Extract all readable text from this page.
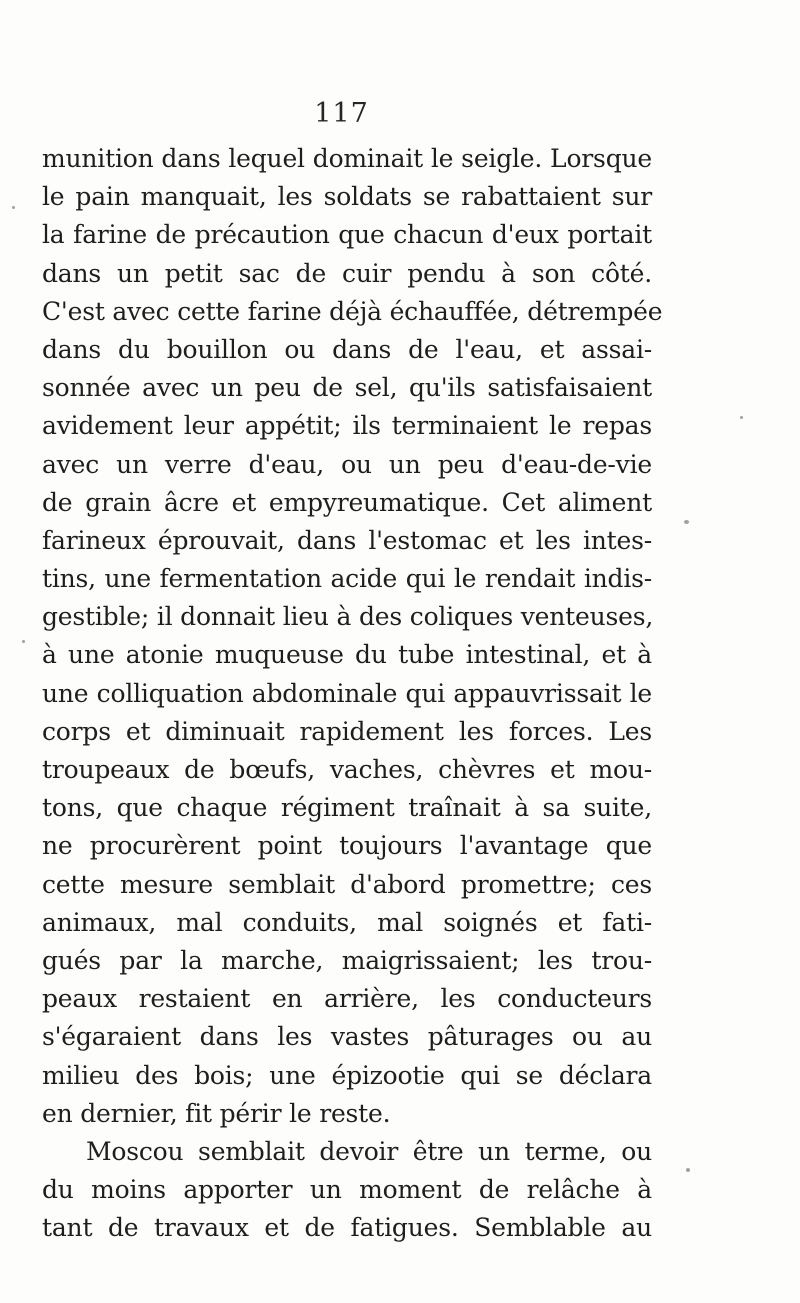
117
munition dans lequel dominait le seigle. Lorsque
le pain manquait, les soldats se rabattaient sur
la farine de précaution que chacun d'eux portait
dans un petit sac de cuir pendu à son côté.
C'est avec cette farine déjà échauffée, détrempée
dans du bouillon ou dans de l'eau, et assai-
sonnée avec un peu de sel, qu'ils satisfaisaient
avidement leur appétit; ils terminaient le repas
avec un verre d'eau, ou un peu d'eau-de-vie
de grain âcre et empyreumatique. Cet aliment
farineux éprouvait, dans l'estomac et les intes-
tins, une fermentation acide qui le rendait indis-
gestible; il donnait lieu à des coliques venteuses,
à une atonie muqueuse du tube intestinal, et à
une colliquation abdominale qui appauvrissait le
corps et diminuait rapidement les forces. Les
troupeaux de bœufs, vaches, chèvres et mou-
tons, que chaque régiment traînait à sa suite,
ne procurèrent point toujours l'avantage que
cette mesure semblait d'abord promettre; ces
animaux, mal conduits, mal soignés et fati-
gués par la marche, maigrissaient; les trou-
peaux restaient en arrière, les conducteurs
s'égaraient dans les vastes pâturages ou au
milieu des bois; une épizootie qui se déclara
en dernier, fit périr le reste.
Moscou semblait devoir être un terme, ou
du moins apporter un moment de relâche à
tant de travaux et de fatigues. Semblable au
